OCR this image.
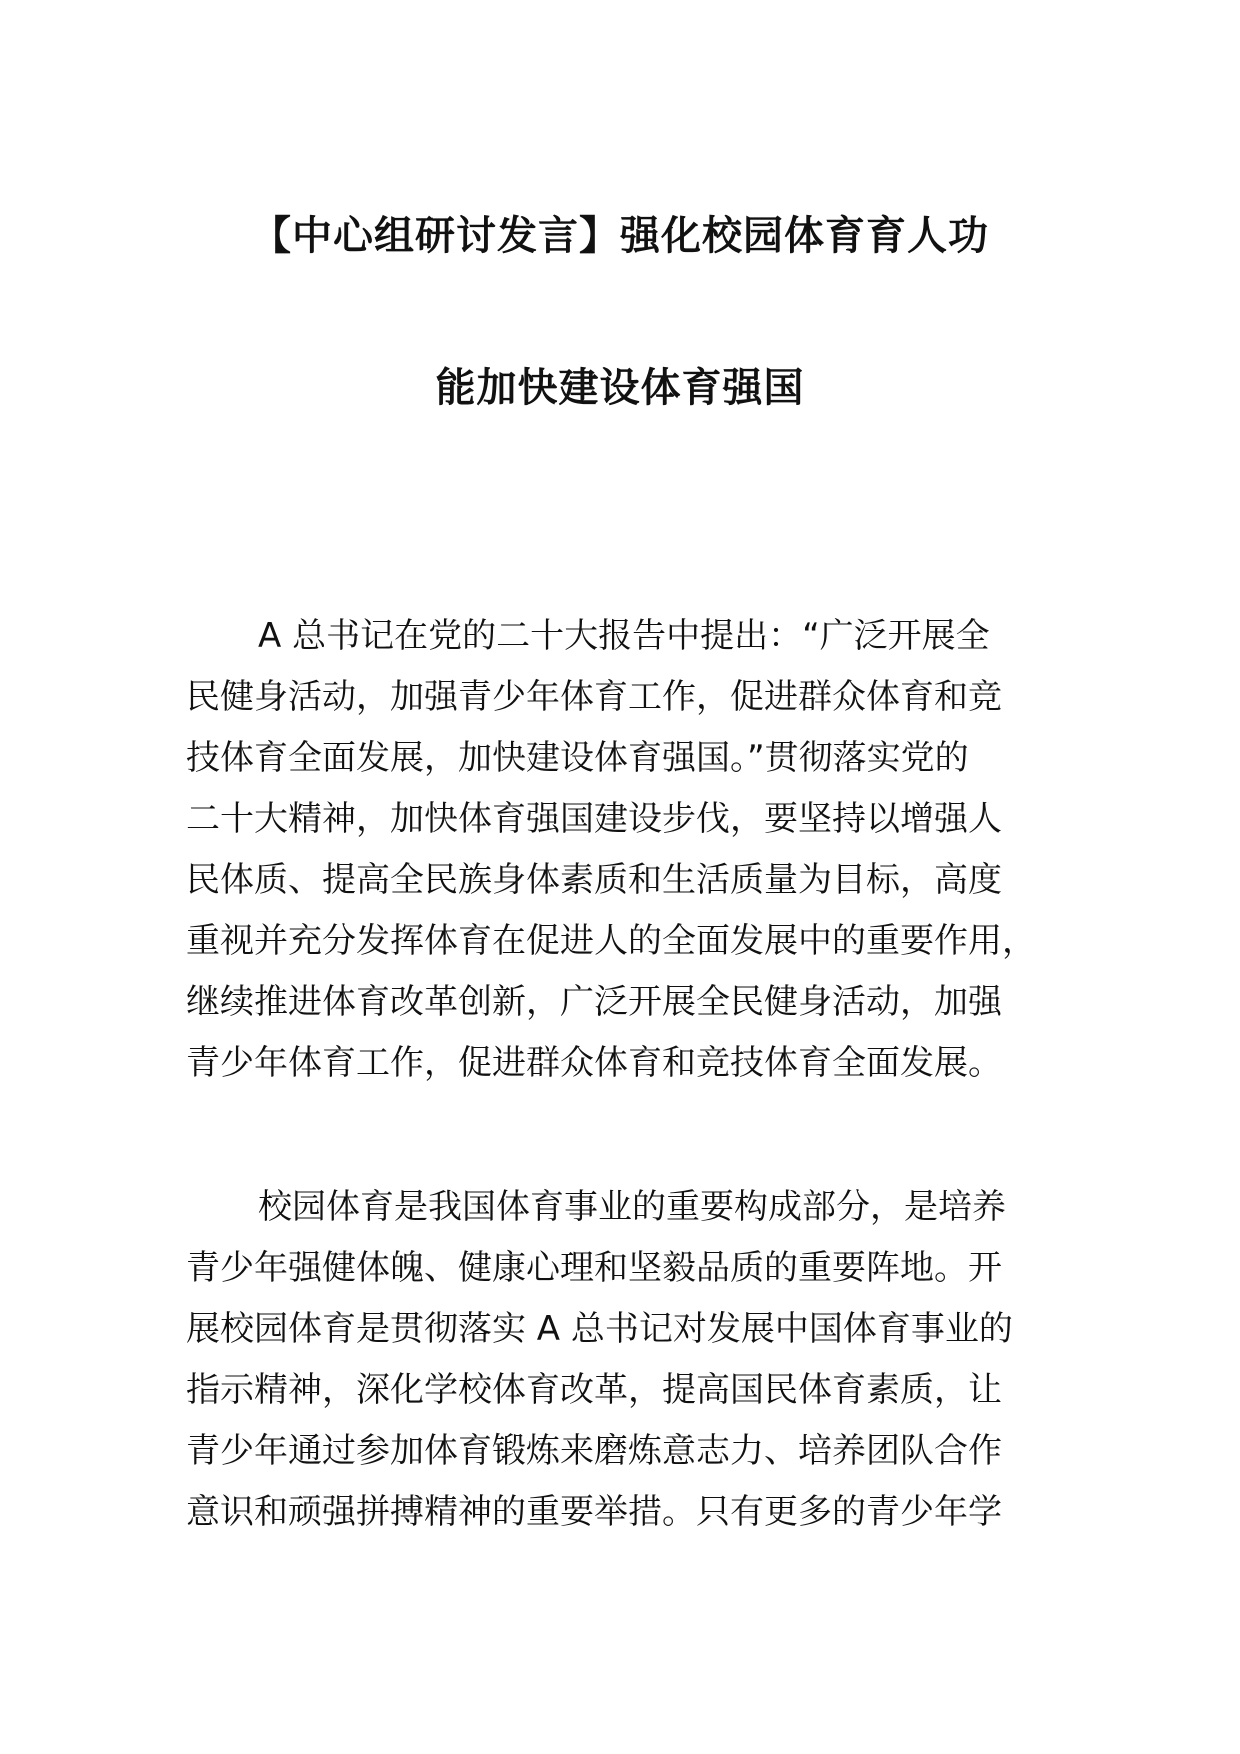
【中心组研讨发言】强化校园体育育人功
能加快建设体育强国
A 总书记在党的二十大报告中提出：“广泛开展全
民健身活动，加强青少年体育工作，促进群众体育和竞
技体育全面发展，加快建设体育强国。”贯彻落实党的
二十大精神，加快体育强国建设步伐，要坚持以增强人
民体质、提高全民族身体素质和生活质量为目标，高度
重视并充分发挥体育在促进人的全面发展中的重要作用，
继续推进体育改革创新，广泛开展全民健身活动，加强
青少年体育工作，促进群众体育和竞技体育全面发展。
校园体育是我国体育事业的重要构成部分，是培养
青少年强健体魄、健康心理和坚毅品质的重要阵地。开
展校园体育是贯彻落实 A 总书记对发展中国体育事业的
指示精神，深化学校体育改革，提高国民体育素质，让
青少年通过参加体育锻炼来磨炼意志力、培养团队合作
意识和顽强拼搏精神的重要举措。只有更多的青少年学
